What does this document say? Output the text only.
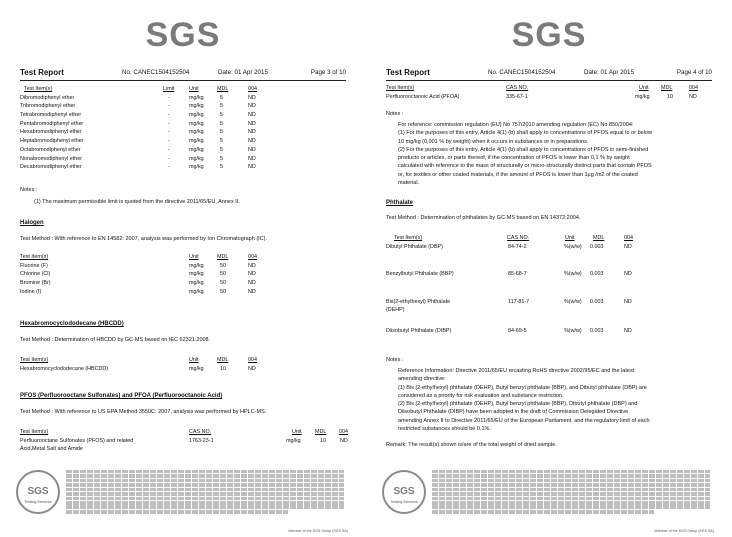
SGS
Test Report	No. CANEC1504152504	Date: 01 Apr 2015	Page 3 of 10
Test Item(s)	Limit	Unit	MDL	004
Dibromodiphenyl ether	-	mg/kg	5	ND
Tribromodiphenyl ether	-	mg/kg	5	ND
Tetrabromodiphenyl ether	-	mg/kg	5	ND
Pentabromodiphenyl ether	-	mg/kg	5	ND
Hexabromodiphenyl ether	-	mg/kg	5	ND
Heptabromodiphenyl ether	-	mg/kg	5	ND
Octabromodiphenyl ether	-	mg/kg	5	ND
Nonabromodiphenyl ether	-	mg/kg	5	ND
Decabromodiphenyl ether	-	mg/kg	5	ND
Notes :
(1) The maximum permissible limit is quoted from the directive 2011/65/EU, Annex II.
Halogen
Test Method : With reference to EN 14582: 2007, analysis was performed by Ion Chromatograph (IC).
Test Item(s)	Unit	MDL	004
Fluorine (F)	mg/kg	50	ND
Chlorine (Cl)	mg/kg	50	ND
Bromine (Br)	mg/kg	50	ND
Iodine (I)	mg/kg	50	ND
Hexabromocyclododecane (HBCDD)
Test Method : Determination of HBCDD by GC-MS based on IEC 62321:2008.
Test Item(s)	Unit	MDL	004
Hexabromocyclododecane (HBCDD)	mg/kg	10	ND
PFOS (Perfluorooctane Sulfonates) and PFOA (Perfluorooctanoic Acid)
Test Method : With reference to US EPA Method 3550C: 2007, analysis was performed by HPLC-MS.
Test Item(s)	CAS NO.	Unit MDL 004
Perfluorooctane Sulfonates (PFOS) and related	1763-23-1	mg/kg	10	ND
Acid,Metal Salt and Amide
SGS
Testing Services
Member of the SGS Group (SGS SA)
SGS
Test Report	No. CANEC1504152504	Date: 01 Apr 2015	Page 4 of 10
Test Item(s)	CAS NO.	Unit MDL	004
Perfluorooctanoic Acid (PFOA)	335-67-1	mg/kg	10	ND
Notes :
For reference: commission regulation (EU) No 757/2010 amending regulation (EC) No 850/2004:
(1) For the purposes of this entry, Article 4(1) (b) shall apply to concentrations of PFOS equal to or below
10 mg/kg (0,001 % by weight) when it occurs in substances or in preparations.
(2) For the purposes of this entry, Article 4(1) (b) shall apply to concentrations of PFOS in semi-finished
products or articles, or parts thereof, if the concentration of PFOS is lower than 0,1 % by weight
calculated with reference to the mass of structurally or micro-structurally distinct parts that contain PFOS
or, for textiles or other coated materials, if the amount of PFOS is lower than 1μg /m2 of the coated
material.
Phthalate
Test Method : Determination of phthalates by GC-MS based on EN 14372:2004.
Test Item(s)	CAS NO.	Unit	MDL	004
Dibutyl Phthalate (DBP)	84-74-2	%(w/w) 0.003	ND
Benzylbutyl Phthalate (BBP)	85-68-7	%(w/w) 0.003	ND
Bis(2-ethylhexyl) Phthalate	117-81-7	%(w/w) 0.003	ND
(DEHP)
Diisobutyl Phthalate (DIBP)	84-69-5	%(w/w) 0.003	ND
Notes :
Reference Information: Directive 2011/65/EU recasting RoHS directive 2002/95/EC and the latest
amending directive:
(1) Bis (2-ethylhexyl) phthalate (DEHP), Butyl benzyl phthalate (BBP), and Dibutyl phthalate (DBP) are
considered as a priority for risk evaluation and substance restriction.
(2) Bis (2-ethylhexyl) phthalate (DEHP), Butyl benzyl phthalate (BBP), Dibutyl phthalate (DBP) and
Diisobutyl Phthalate (DIBP) have been adopted in the draft of Commission Delegated Directive
amending Annex II to Directive 2011/65/EU of the European Parliament, and the regulatory limit of each
restricted substances should be 0.1%.
Remark: The result(s) shown is/are of the total weight of dried sample.
SGS
Testing Services
Member of the SGS Group (SGS SA)
